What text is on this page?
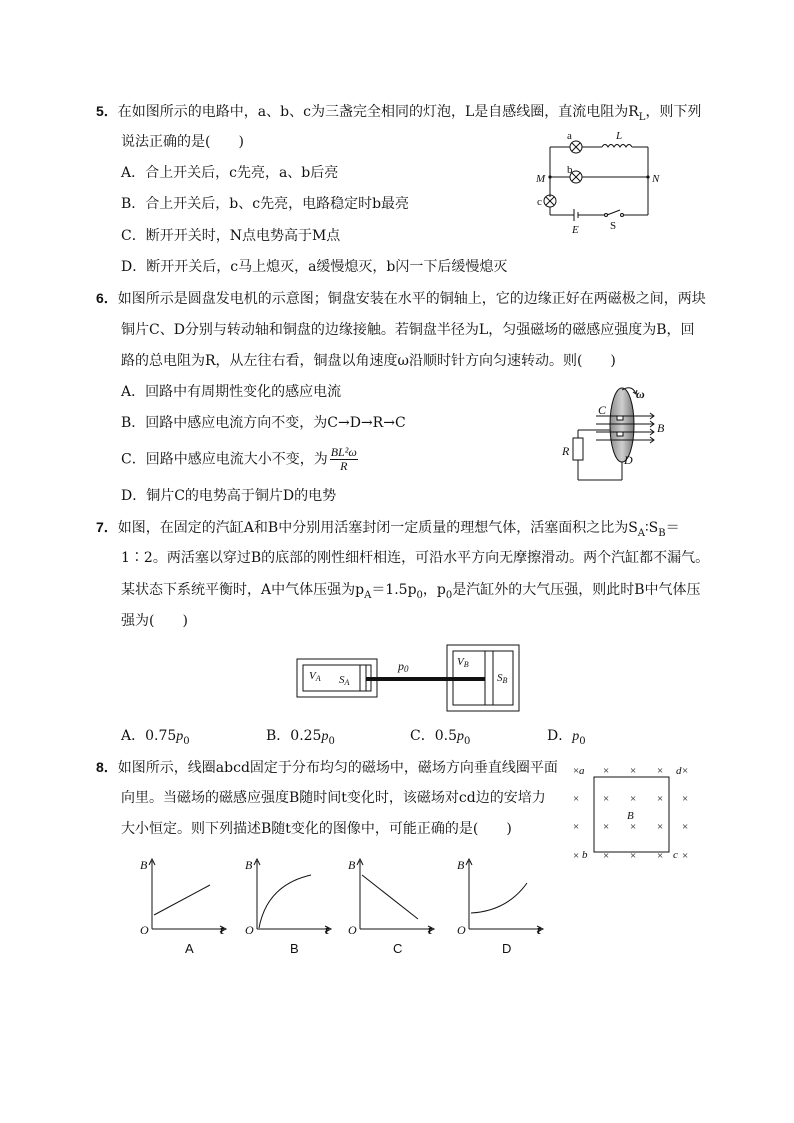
5．在如图所示的电路中，a、b、c为三盏完全相同的灯泡，L是自感线圈，直流电阻为$R_L$，则下列
说法正确的是(　　)
A．合上开关后，c先亮，a、b后亮
B．合上开关后，b、c先亮，电路稳定时b最亮
C．断开开关时，N点电势高于M点
D．断开开关后，c马上熄灭，a缓慢熄灭，b闪一下后缓慢熄灭
a	L
b
c
M	N
E	S
6．如图所示是圆盘发电机的示意图；铜盘安装在水平的铜轴上，它的边缘正好在两磁极之间，两块
铜片C、D分别与转动轴和铜盘的边缘接触。若铜盘半径为L，匀强磁场的磁感应强度为B，回
路的总电阻为R，从左往右看，铜盘以角速度ω沿顺时针方向匀速转动。则(　　)
A．回路中有周期性变化的感应电流
B．回路中感应电流方向不变，为C→D→R→C
C．回路中感应电流大小不变，为 $\frac{\text{BL²ω}}{R}$
D．铜片C的电势高于铜片D的电势
C
D
R
B
ω
7．如图，在固定的汽缸A和B中分别用活塞封闭一定质量的理想气体，活塞面积之比为$S_A∶S_B=$
1∶2。两活塞以穿过B的底部的刚性细杆相连，可沿水平方向无摩擦滑动。两个汽缸都不漏气。
某状态下系统平衡时，A中气体压强为$p_A=1.5p_0$，$p_0$是汽缸外的大气压强，则此时B中气体压
强为(　　)
VA SA
p0
VB
SB
A．$0.75p_0$	B．$0.25p_0$	C．$0.5p_0$	D．$p_0$
8．如图所示，线圈abcd固定于分布均匀的磁场中，磁场方向垂直线圈平面
向里。当磁场的磁感应强度B随时间t变化时，该磁场对cd边的安培力
大小恒定。则下列描述B随t变化的图像中，可能正确的是(　　)
× × ×
× ×	× ×
× ×	× ×
× × ×
×	×
×	×
×
×
a	d
b	c
B
B
t
O
A
B
t
O
B
B
t
O
C
B
t
O
D
